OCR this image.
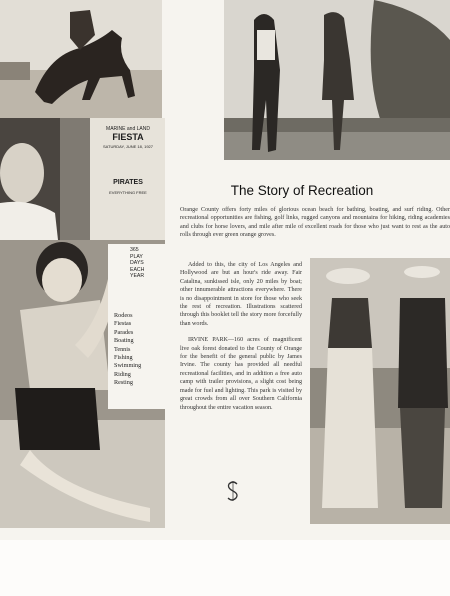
MARINE and LAND
FIESTA
SATURDAY, JUNE 18, 1927
PIRATES
EVERYTHING FREE	The Story of Recreation
Orange County offers forty miles of glorious ocean beach for bathing, boating, and surf riding. Other recreational opportunities are fishing, golf links, rugged canyons and mountains for hiking, riding academies and clubs for horse lovers, and mile after mile of excellent roads for those who just want to rest as the auto rolls through ever green orange groves.

Added to this, the city of Los Angeles and Hollywood are but an hour's ride away. Fair Catalina, sunkissed isle, only 20 miles by boat; other innumerable attractions everywhere. There is no disappointment in store for those who seek the rest of recreation. Illustrations scattered through this booklet tell the story more forcefully than words.

IRVINE PARK—160 acres of magnificent live oak forest donated to the County of Orange for the benefit of the general public by James Irvine. The county has provided all needful recreational facilities, and in addition a free auto camp with trailer provisions, a slight cost being made for fuel and lighting. This park is visited by great crowds from all over Southern California throughout the entire vacation season.

365
PLAY
DAYS
EACH
YEAR
Rodeos
Fiestas
Parades
Boating
Tennis
Fishing
Swimming
Riding
Resting
